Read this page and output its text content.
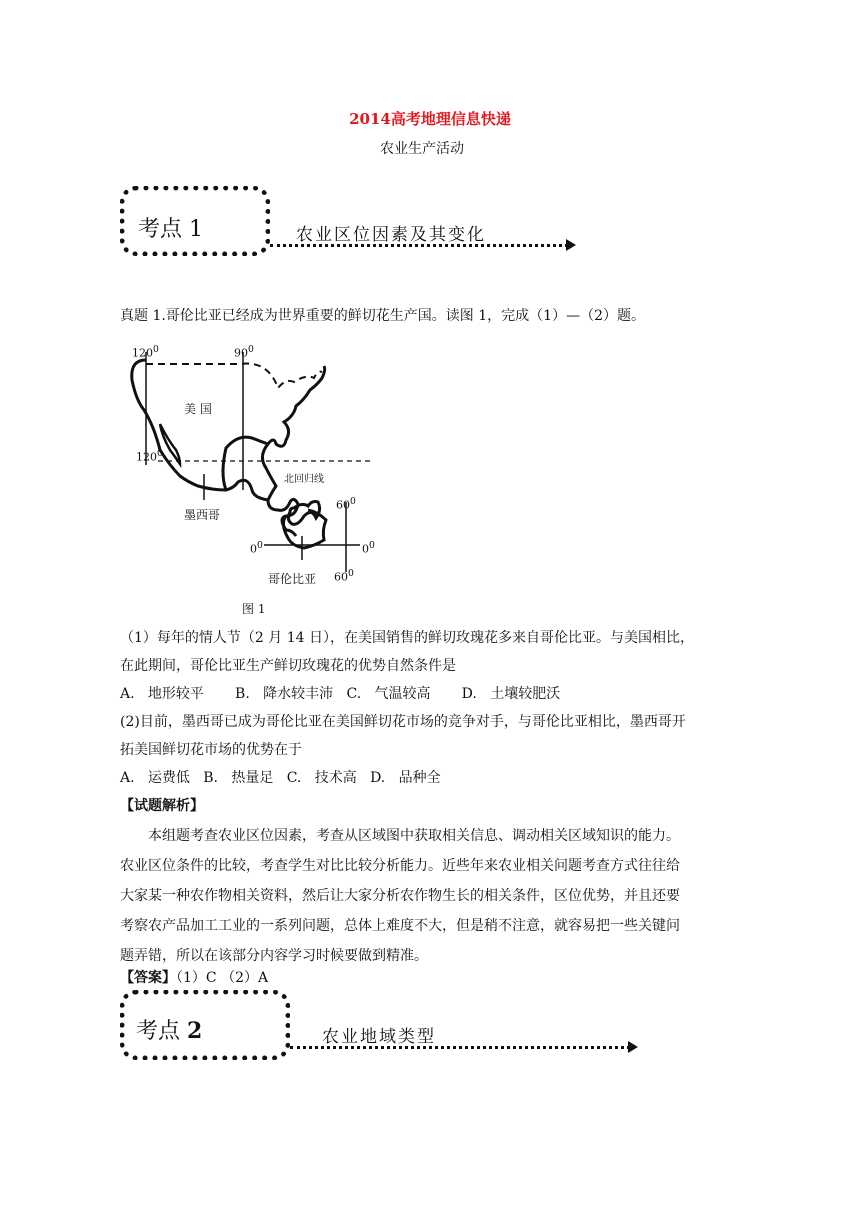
2014高考地理信息快递
农业生产活动
考点 1	农业区位因素及其变化
真题 1.哥伦比亚已经成为世界重要的鲜切花生产国。读图 1，完成（1）—（2）题。
$120^0$	$90^0$
美 国
$120^0$
北回归线
墨西哥
$60^0$
$0^0$	$0^0$
哥伦比亚 $60^0$
图 1
（1）每年的情人节（2 月 14 日），在美国销售的鲜切玫瑰花多来自哥伦比亚。与美国相比，
在此期间，哥伦比亚生产鲜切玫瑰花的优势自然条件是
A.   地形较平       B.   降水较丰沛   C.   气温较高       D.   土壤较肥沃
(2)目前，墨西哥已成为哥伦比亚在美国鲜切花市场的竞争对手，与哥伦比亚相比，墨西哥开
拓美国鲜切花市场的优势在于
A.   运费低   B.   热量足   C.   技术高   D.   品种全
【试题解析】
本组题考查农业区位因素，考查从区域图中获取相关信息、调动相关区域知识的能力。
农业区位条件的比较，考查学生对比比较分析能力。近些年来农业相关问题考查方式往往给
大家某一种农作物相关资料，然后让大家分析农作物生长的相关条件，区位优势，并且还要
考察农产品加工工业的一系列问题，总体上难度不大，但是稍不注意，就容易把一些关键问
题弄错，所以在该部分内容学习时候要做到精准。
【答案】（1）C （2）A
考点 2	农业地域类型
